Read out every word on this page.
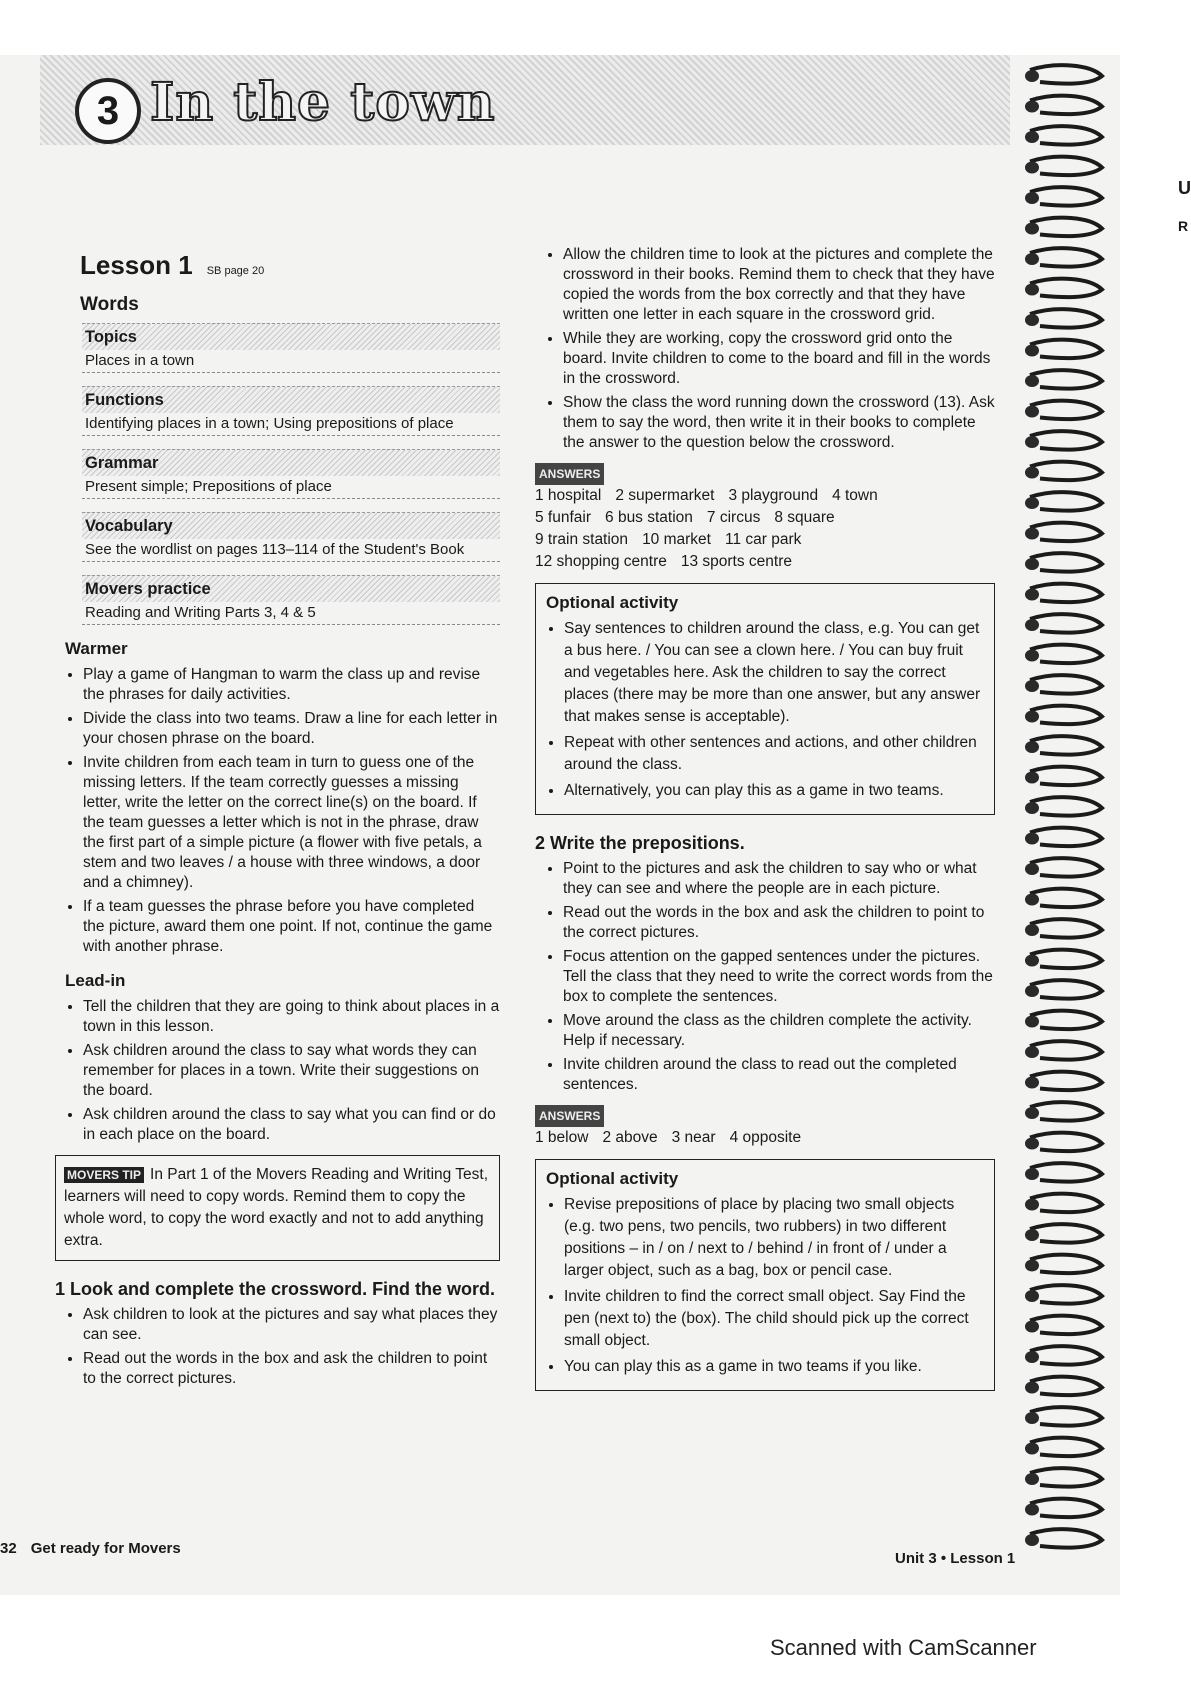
3 In the town
U
R
Lesson 1 SB page 20
Words
Topics
Places in a town
Functions
Identifying places in a town; Using prepositions of place
Grammar
Present simple; Prepositions of place
Vocabulary
See the wordlist on pages 113–114 of the Student's Book
Movers practice
Reading and Writing Parts 3, 4 & 5
Warmer
• Play a game of Hangman to warm the class up and revise the phrases for daily activities.
• Divide the class into two teams. Draw a line for each letter in your chosen phrase on the board.
• Invite children from each team in turn to guess one of the missing letters. If the team correctly guesses a missing letter, write the letter on the correct line(s) on the board. If the team guesses a letter which is not in the phrase, draw the first part of a simple picture (a flower with five petals, a stem and two leaves / a house with three windows, a door and a chimney).
• If a team guesses the phrase before you have completed the picture, award them one point. If not, continue the game with another phrase.
Lead-in
• Tell the children that they are going to think about places in a town in this lesson.
• Ask children around the class to say what words they can remember for places in a town. Write their suggestions on the board.
• Ask children around the class to say what you can find or do in each place on the board.
MOVERS TIP In Part 1 of the Movers Reading and Writing Test, learners will need to copy words. Remind them to copy the whole word, to copy the word exactly and not to add anything extra.
1 Look and complete the crossword. Find the word.
• Ask children to look at the pictures and say what places they can see.
• Read out the words in the box and ask the children to point to the correct pictures.
• Allow the children time to look at the pictures and complete the crossword in their books. Remind them to check that they have copied the words from the box correctly and that they have written one letter in each square in the crossword grid.
• While they are working, copy the crossword grid onto the board. Invite children to come to the board and fill in the words in the crossword.
• Show the class the word running down the crossword (13). Ask them to say the word, then write it in their books to complete the answer to the question below the crossword.
ANSWERS
1 hospital 2 supermarket 3 playground 4 town
5 funfair 6 bus station 7 circus 8 square
9 train station 10 market 11 car park
12 shopping centre 13 sports centre
Optional activity
• Say sentences to children around the class, e.g. You can get a bus here. / You can see a clown here. / You can buy fruit and vegetables here. Ask the children to say the correct places (there may be more than one answer, but any answer that makes sense is acceptable).
• Repeat with other sentences and actions, and other children around the class.
• Alternatively, you can play this as a game in two teams.
2 Write the prepositions.
• Point to the pictures and ask the children to say who or what they can see and where the people are in each picture.
• Read out the words in the box and ask the children to point to the correct pictures.
• Focus attention on the gapped sentences under the pictures. Tell the class that they need to write the correct words from the box to complete the sentences.
• Move around the class as the children complete the activity. Help if necessary.
• Invite children around the class to read out the completed sentences.
ANSWERS
1 below 2 above 3 near 4 opposite
Optional activity
• Revise prepositions of place by placing two small objects (e.g. two pens, two pencils, two rubbers) in two different positions – in / on / next to / behind / in front of / under a larger object, such as a bag, box or pencil case.
• Invite children to find the correct small object. Say Find the pen (next to) the (box). The child should pick up the correct small object.
• You can play this as a game in two teams if you like.
32 Get ready for Movers
Unit 3 • Lesson 1
Scanned with CamScanner
